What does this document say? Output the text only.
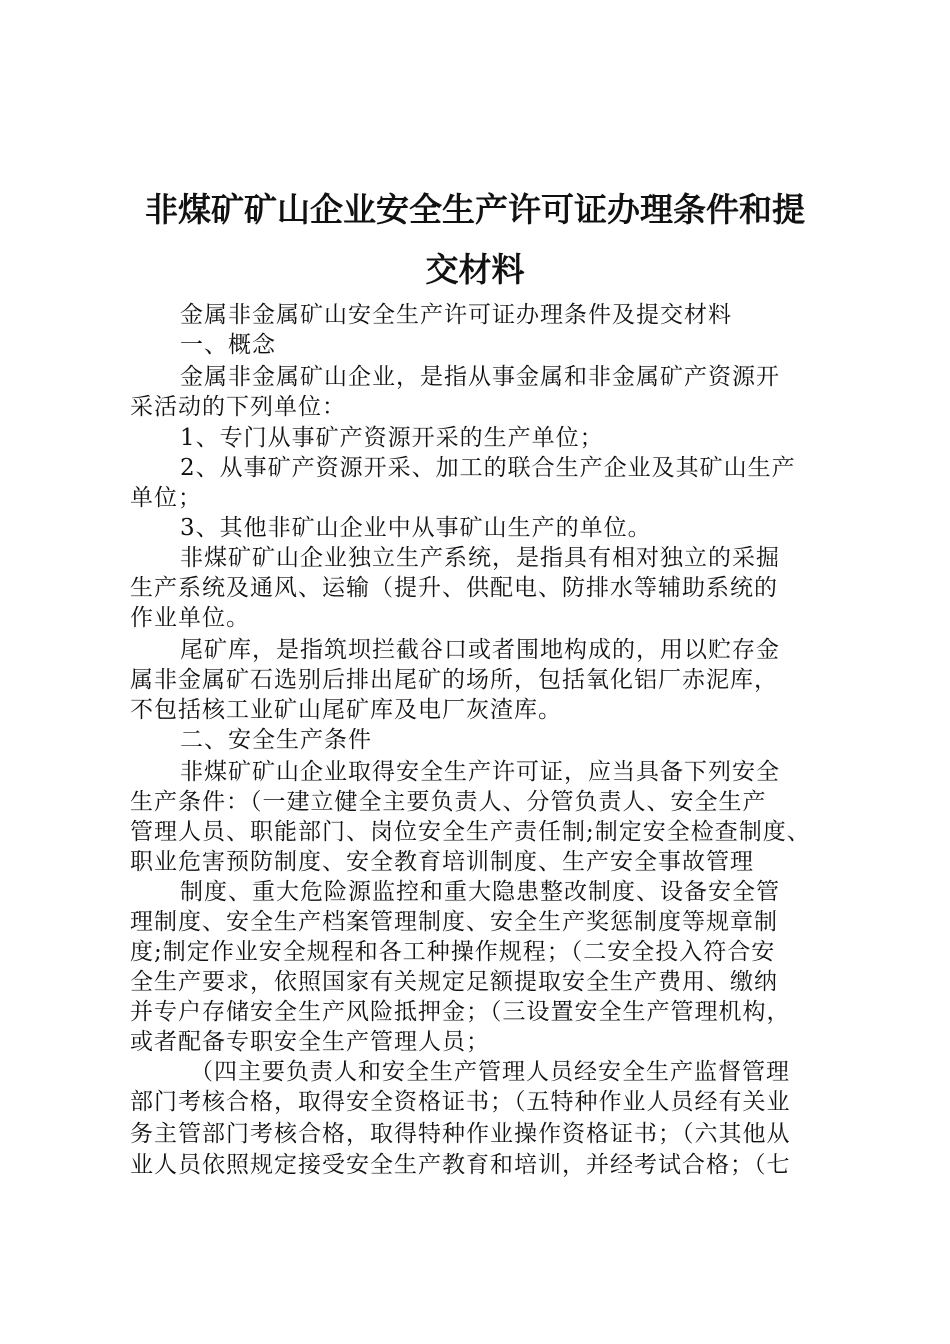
非煤矿矿山企业安全生产许可证办理条件和提
交材料
金属非金属矿山安全生产许可证办理条件及提交材料
一、概念
金属非金属矿山企业，是指从事金属和非金属矿产资源开
采活动的下列单位：
1、专门从事矿产资源开采的生产单位；
2、从事矿产资源开采、加工的联合生产企业及其矿山生产
单位；
3、其他非矿山企业中从事矿山生产的单位。
非煤矿矿山企业独立生产系统，是指具有相对独立的采掘
生产系统及通风、运输（提升、供配电、防排水等辅助系统的
作业单位。
尾矿库，是指筑坝拦截谷口或者围地构成的，用以贮存金
属非金属矿石选别后排出尾矿的场所，包括氧化铝厂赤泥库，
不包括核工业矿山尾矿库及电厂灰渣库。
二、安全生产条件
非煤矿矿山企业取得安全生产许可证，应当具备下列安全
生产条件：（一建立健全主要负责人、分管负责人、安全生产
管理人员、职能部门、岗位安全生产责任制;制定安全检查制度、
职业危害预防制度、安全教育培训制度、生产安全事故管理
制度、重大危险源监控和重大隐患整改制度、设备安全管
理制度、安全生产档案管理制度、安全生产奖惩制度等规章制
度;制定作业安全规程和各工种操作规程；（二安全投入符合安
全生产要求，依照国家有关规定足额提取安全生产费用、缴纳
并专户存储安全生产风险抵押金；（三设置安全生产管理机构，
或者配备专职安全生产管理人员；
（四主要负责人和安全生产管理人员经安全生产监督管理
部门考核合格，取得安全资格证书；（五特种作业人员经有关业
务主管部门考核合格，取得特种作业操作资格证书；（六其他从
业人员依照规定接受安全生产教育和培训，并经考试合格；（七
